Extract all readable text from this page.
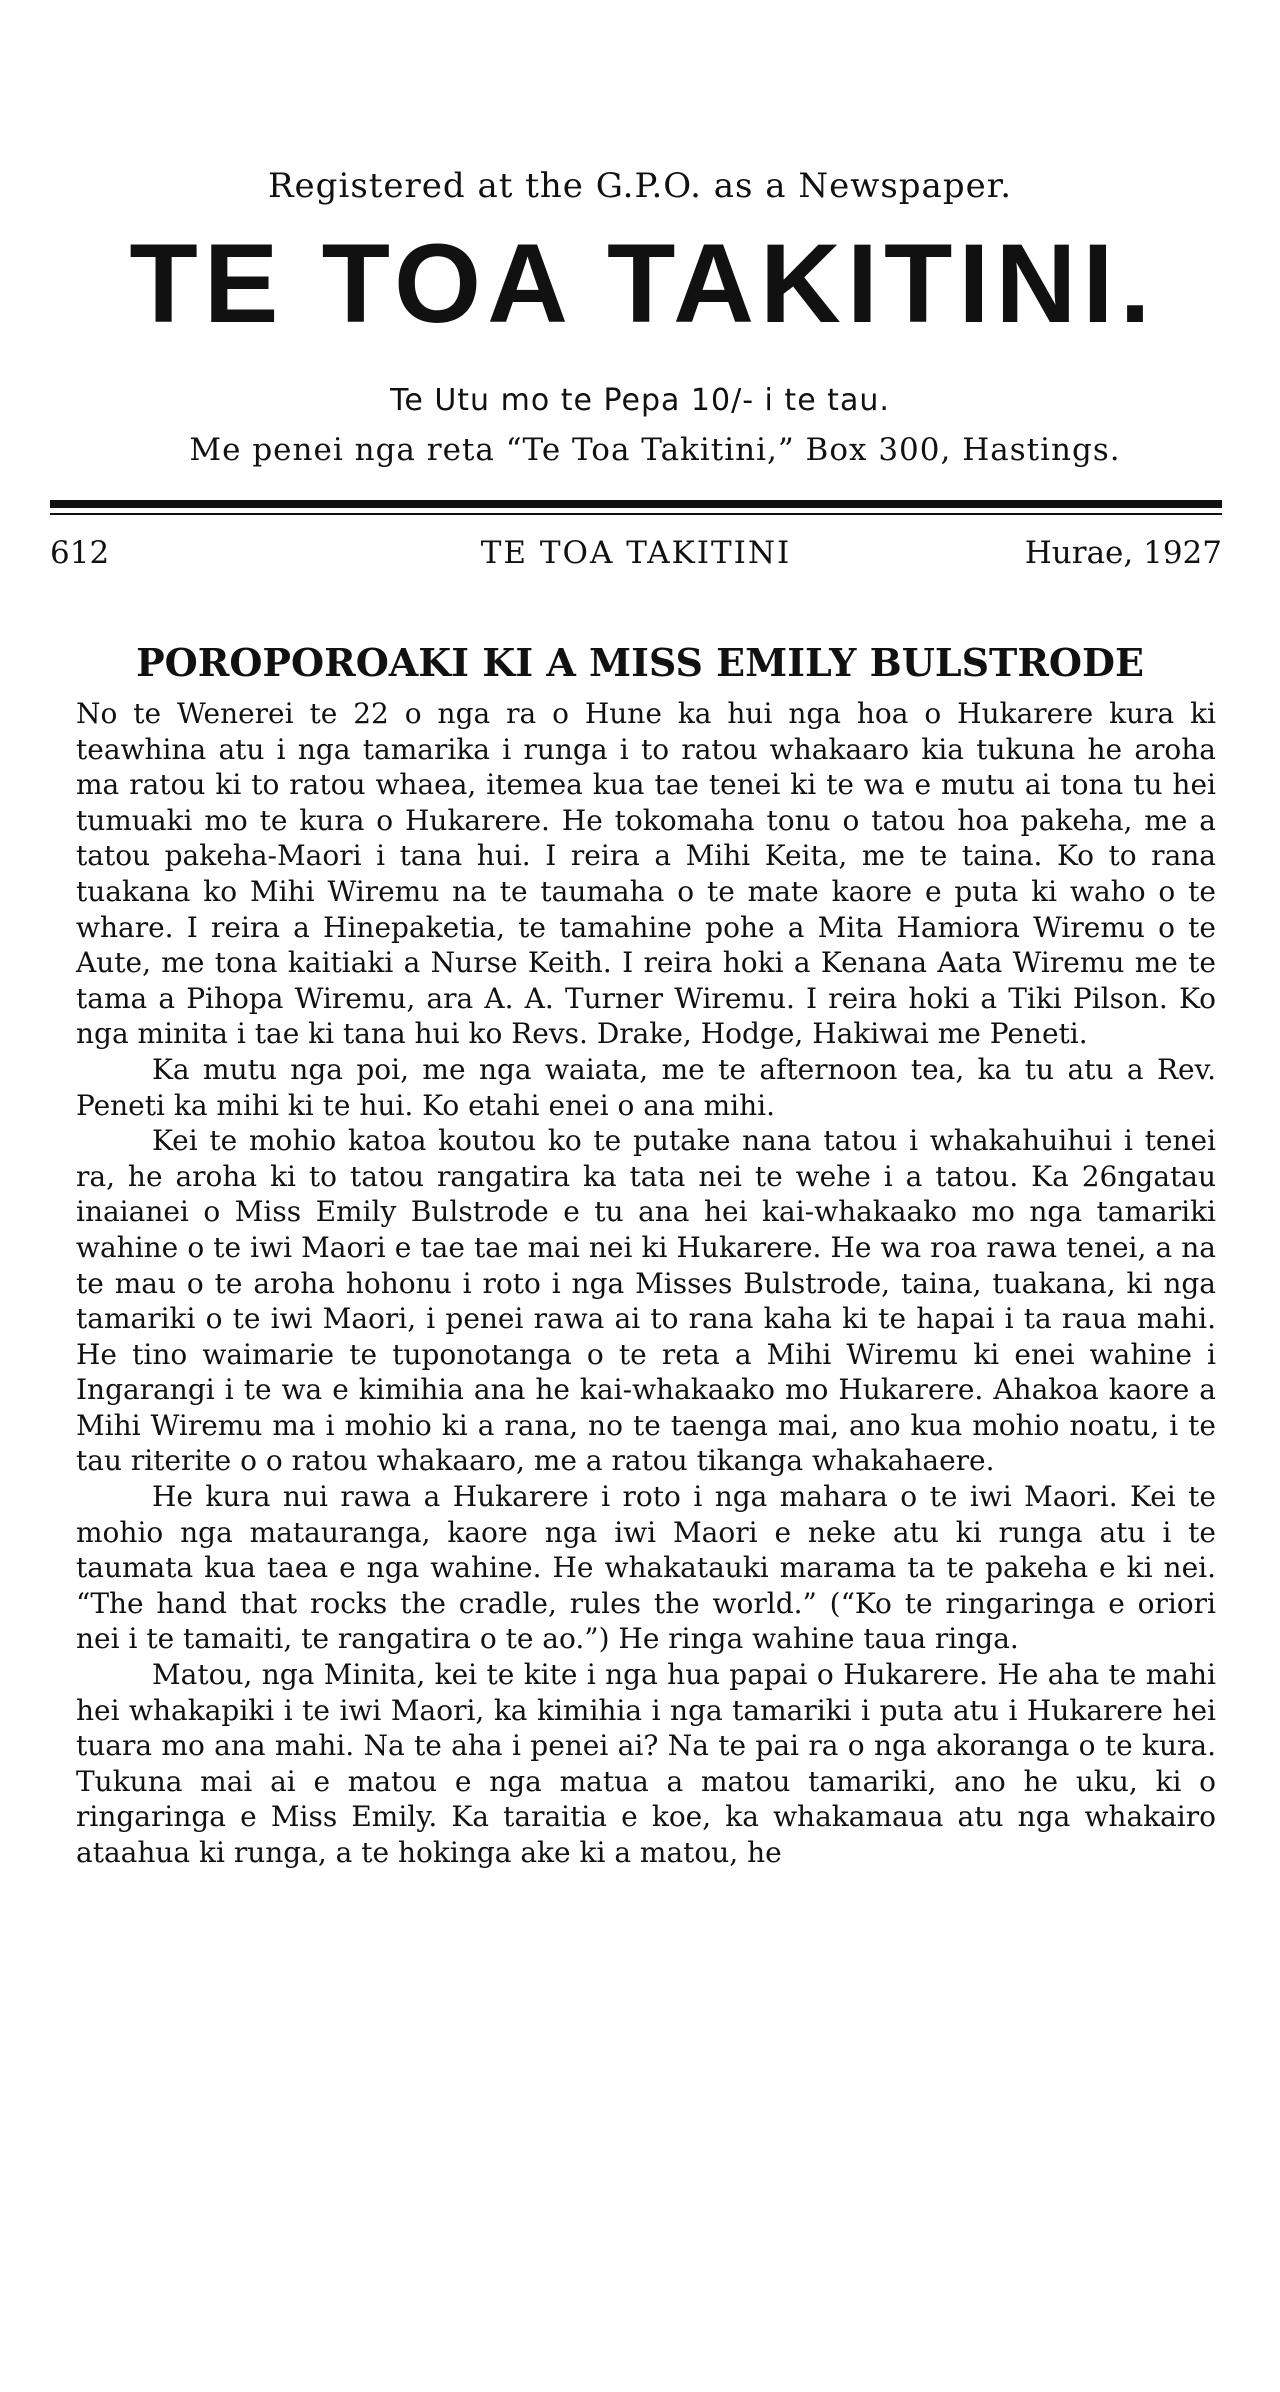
Registered at the G.P.O. as a Newspaper.
TE TOA TAKITINI.
Te Utu mo te Pepa 10/- i te tau.
Me penei nga reta “Te Toa Takitini,” Box 300, Hastings.
TE TOA TAKITINI
612	Hurae, 1927
POROPOROAKI KI A MISS EMILY BULSTRODE

No te Wenerei te 22 o nga ra o Hune ka hui nga hoa o Hukarere kura ki teawhina atu i nga tamarika i runga i to ratou whakaaro kia tukuna he aroha ma ratou ki to ratou whaea, itemea kua tae tenei ki te wa e mutu ai tona tu hei tumuaki mo te kura o Hukarere. He tokomaha tonu o tatou hoa pakeha, me a tatou pakeha-Maori i tana hui. I reira a Mihi Keita, me te taina. Ko to rana tuakana ko Mihi Wiremu na te taumaha o te mate kaore e puta ki waho o te whare. I reira a Hinepaketia, te tamahine pohe a Mita Hamiora Wiremu o te Aute, me tona kaitiaki a Nurse Keith. I reira hoki a Kenana Aata Wiremu me te tama a Pihopa Wiremu, ara A. A. Turner Wiremu. I reira hoki a Tiki Pilson. Ko nga minita i tae ki tana hui ko Revs. Drake, Hodge, Hakiwai me Peneti.

Ka mutu nga poi, me nga waiata, me te afternoon tea, ka tu atu a Rev. Peneti ka mihi ki te hui. Ko etahi enei o ana mihi.

Kei te mohio katoa koutou ko te putake nana tatou i whakahuihui i tenei ra, he aroha ki to tatou rangatira ka tata nei te wehe i a tatou. Ka 26ngatau inaianei o Miss Emily Bulstrode e tu ana hei kai-whakaako mo nga tamariki wahine o te iwi Maori e tae tae mai nei ki Hukarere. He wa roa rawa tenei, a na te mau o te aroha hohonu i roto i nga Misses Bulstrode, taina, tuakana, ki nga tamariki o te iwi Maori, i penei rawa ai to rana kaha ki te hapai i ta raua mahi. He tino waimarie te tuponotanga o te reta a Mihi Wiremu ki enei wahine i Ingarangi i te wa e kimihia ana he kai-whakaako mo Hukarere. Ahakoa kaore a Mihi Wiremu ma i mohio ki a rana, no te taenga mai, ano kua mohio noatu, i te tau riterite o o ratou whakaaro, me a ratou tikanga whakahaere.

He kura nui rawa a Hukarere i roto i nga mahara o te iwi Maori. Kei te mohio nga matauranga, kaore nga iwi Maori e neke atu ki runga atu i te taumata kua taea e nga wahine. He whakatauki marama ta te pakeha e ki nei. “The hand that rocks the cradle, rules the world.” (“Ko te ringaringa e oriori nei i te tamaiti, te rangatira o te ao.”) He ringa wahine taua ringa.

Matou, nga Minita, kei te kite i nga hua papai o Hukarere. He aha te mahi hei whakapiki i te iwi Maori, ka kimihia i nga tamariki i puta atu i Hukarere hei tuara mo ana mahi. Na te aha i penei ai? Na te pai ra o nga akoranga o te kura. Tukuna mai ai e matou e nga matua a matou tamariki, ano he uku, ki o ringaringa e Miss Emily. Ka taraitia e koe, ka whakamaua atu nga whakairo ataahua ki runga, a te hokinga ake ki a matou, he
